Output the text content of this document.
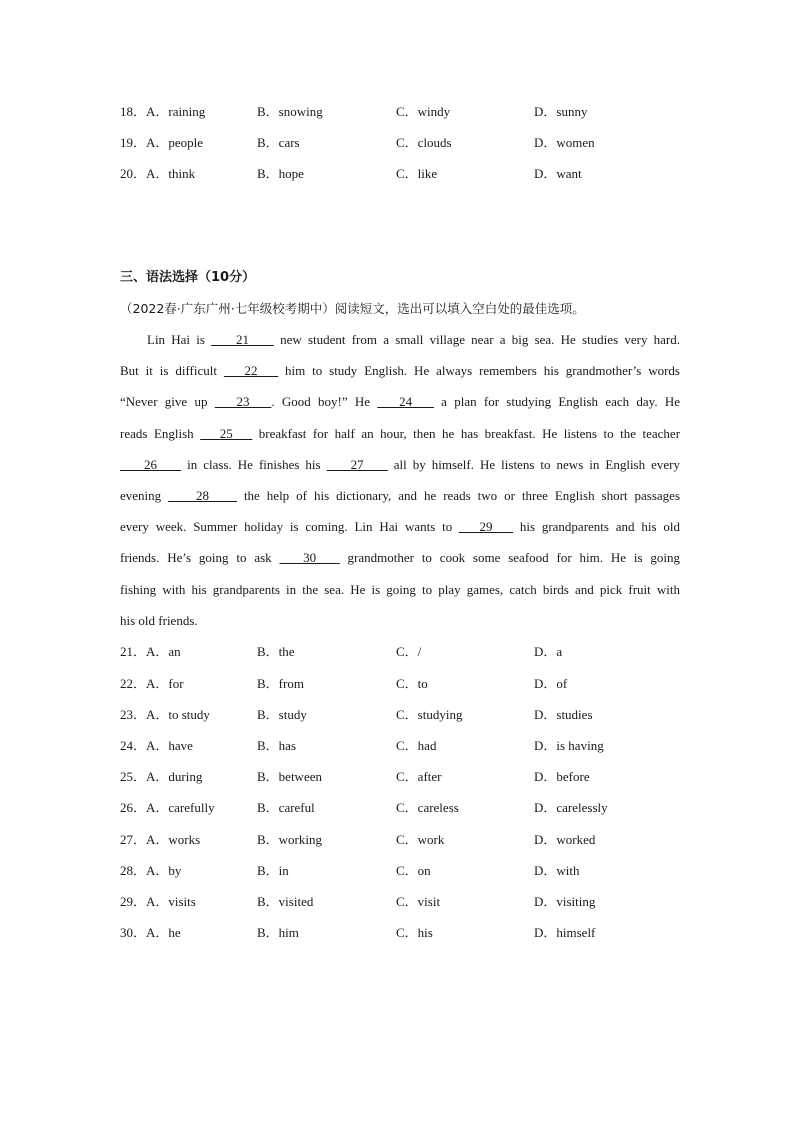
18．A．raining	B．snowing	C．windy	D．sunny
19．A．people	B．cars	C．clouds	D．women
20．A．think	B．hope	C．like	D．want
三、语法选择（10分）
（2022春·广东广州·七年级校考期中）阅读短文，选出可以填入空白处的最佳选项。
Lin Hai is     21     new student from a small village near a big sea. He studies very hard.
But it is difficult    22    him to study English. He always remembers his grandmother’s words
“Never give up    23   . Good boy!” He    24    a plan for studying English each day. He
reads English    25    breakfast for half an hour, then he has breakfast. He listens to the teacher
26     in class. He finishes his     27     all by himself. He listens to news in English every
evening     28     the help of his dictionary, and he reads two or three English short passages
every week. Summer holiday is coming. Lin Hai wants to    29    his grandparents and his old
friends. He’s going to ask    30    grandmother to cook some seafood for him. He is going
fishing with his grandparents in the sea. He is going to play games, catch birds and pick fruit with
his old friends.
21．A．an	B．the	C．/	D．a
22．A．for	B．from	C．to	D．of
23．A．to study	B．study	C．studying	D．studies
24．A．have	B．has	C．had	D．is having
25．A．during	B．between	C．after	D．before
26．A．carefully	B．careful	C．careless	D．carelessly
27．A．works	B．working	C．work	D．worked
28．A．by	B．in	C．on	D．with
29．A．visits	B．visited	C．visit	D．visiting
30．A．he	B．him	C．his	D．himself
